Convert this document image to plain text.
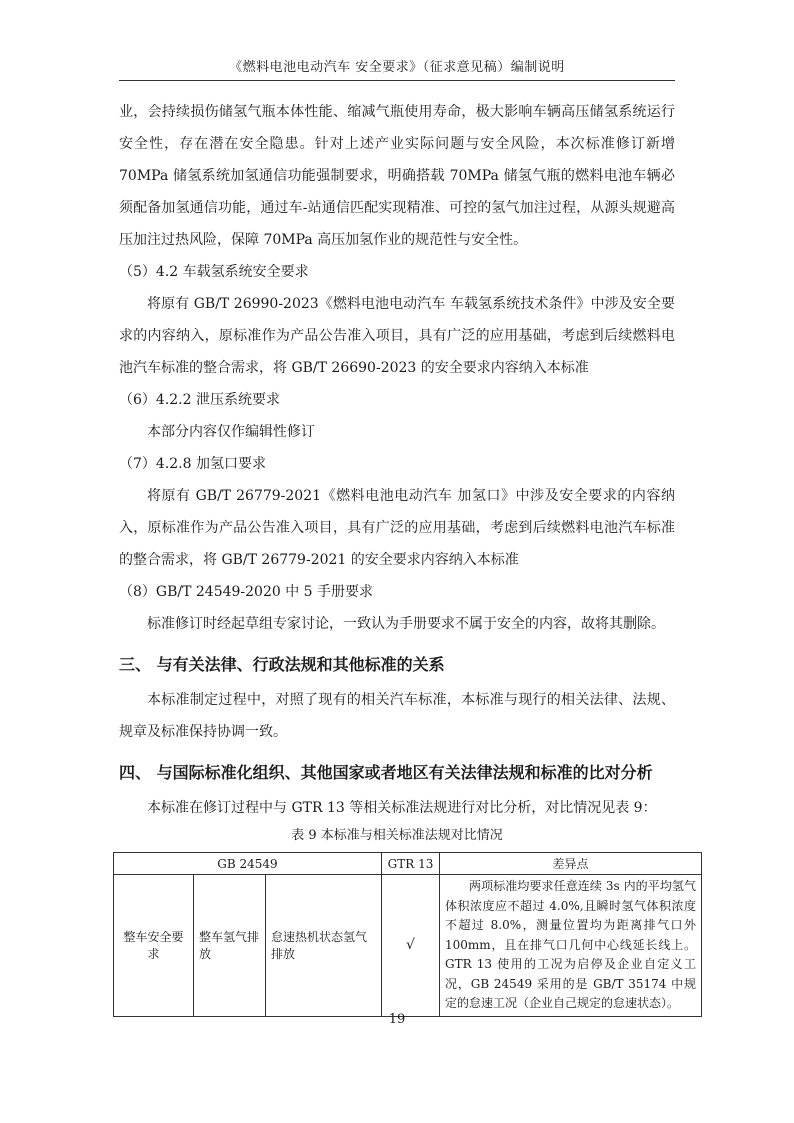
《燃料电池电动汽车 安全要求》（征求意见稿）编制说明

业，会持续损伤储氢气瓶本体性能、缩减气瓶使用寿命，极大影响车辆高压储氢系统运行安全性，存在潜在安全隐患。针对上述产业实际问题与安全风险，本次标准修订新增 70MPa 储氢系统加氢通信功能强制要求，明确搭载 70MPa 储氢气瓶的燃料电池车辆必须配备加氢通信功能，通过车-站通信匹配实现精准、可控的氢气加注过程，从源头规避高压加注过热风险，保障 70MPa 高压加氢作业的规范性与安全性。

（5）4.2 车载氢系统安全要求

将原有 GB/T 26990-2023《燃料电池电动汽车 车载氢系统技术条件》中涉及安全要求的内容纳入，原标准作为产品公告准入项目，具有广泛的应用基础，考虑到后续燃料电池汽车标准的整合需求，将 GB/T 26690-2023 的安全要求内容纳入本标准

（6）4.2.2 泄压系统要求

本部分内容仅作编辑性修订

（7）4.2.8 加氢口要求

将原有 GB/T 26779-2021《燃料电池电动汽车 加氢口》中涉及安全要求的内容纳入，原标准作为产品公告准入项目，具有广泛的应用基础，考虑到后续燃料电池汽车标准的整合需求，将 GB/T 26779-2021 的安全要求内容纳入本标准

（8）GB/T 24549-2020 中 5 手册要求

标准修订时经起草组专家讨论，一致认为手册要求不属于安全的内容，故将其删除。

三、 与有关法律、行政法规和其他标准的关系

本标准制定过程中，对照了现有的相关汽车标准，本标准与现行的相关法律、法规、规章及标准保持协调一致。

四、 与国际标准化组织、其他国家或者地区有关法律法规和标准的比对分析

本标准在修订过程中与 GTR 13 等相关标准法规进行对比分析，对比情况见表 9：

表 9 本标准与相关标准法规对比情况

GB 24549			GTR 13	差异点
整车安全要求	整车氢气排放	怠速热机状态氢气排放	√	两项标准均要求任意连续 3s 内的平均氢气体积浓度应不超过 4.0%,且瞬时氢气体积浓度不超过 8.0%，测量位置均为距离排气口外 100mm，且在排气口几何中心线延长线上。GTR 13 使用的工况为启停及企业自定义工况，GB 24549 采用的是 GB/T 35174 中规定的怠速工况（企业自己规定的怠速状态）。
19
